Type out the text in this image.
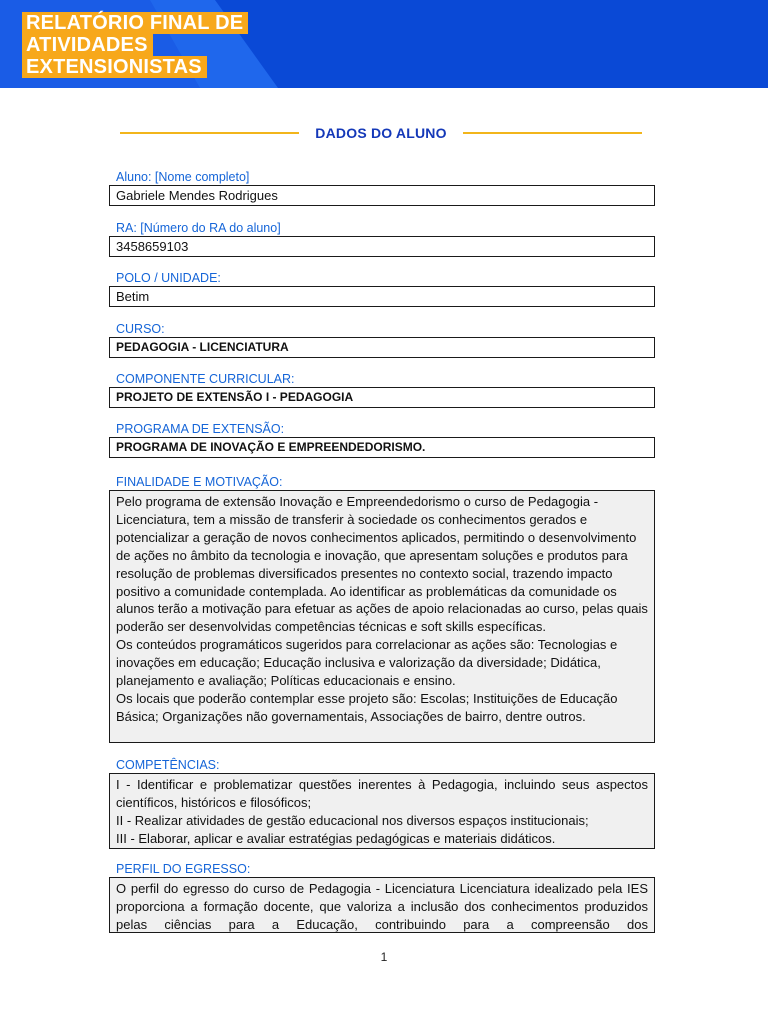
RELATÓRIO FINAL DE
ATIVIDADES
EXTENSIONISTAS
DADOS DO ALUNO
Aluno: [Nome completo]
Gabriele Mendes Rodrigues
RA: [Número do RA do aluno]
3458659103
POLO / UNIDADE:
Betim
CURSO:
PEDAGOGIA - LICENCIATURA
COMPONENTE CURRICULAR:
PROJETO DE EXTENSÃO I - PEDAGOGIA
PROGRAMA DE EXTENSÃO:
PROGRAMA DE INOVAÇÃO E EMPREENDEDORISMO.
FINALIDADE E MOTIVAÇÃO:

Pelo programa de extensão Inovação e Empreendedorismo o curso de Pedagogia - Licenciatura, tem a missão de transferir à sociedade os conhecimentos gerados e potencializar a geração de novos conhecimentos aplicados, permitindo o desenvolvimento de ações no âmbito da tecnologia e inovação, que apresentam soluções e produtos para resolução de problemas diversificados presentes no contexto social, trazendo impacto positivo a comunidade contemplada. Ao identificar as problemáticas da comunidade os alunos terão a motivação para efetuar as ações de apoio relacionadas ao curso, pelas quais poderão ser desenvolvidas competências técnicas e soft skills específicas.

Os conteúdos programáticos sugeridos para correlacionar as ações são: Tecnologias e inovações em educação; Educação inclusiva e valorização da diversidade; Didática, planejamento e avaliação; Políticas educacionais e ensino.

Os locais que poderão contemplar esse projeto são: Escolas; Instituições de Educação Básica; Organizações não governamentais, Associações de bairro, dentre outros.

COMPETÊNCIAS:

I - Identificar e problematizar questões inerentes à Pedagogia, incluindo seus aspectos científicos, históricos e filosóficos;

II - Realizar atividades de gestão educacional nos diversos espaços institucionais;

III - Elaborar, aplicar e avaliar estratégias pedagógicas e materiais didáticos.

PERFIL DO EGRESSO:

O perfil do egresso do curso de Pedagogia - Licenciatura Licenciatura idealizado pela IES proporciona a formação docente, que valoriza a inclusão dos conhecimentos produzidos pelas ciências para a Educação, contribuindo para a compreensão dos

1
